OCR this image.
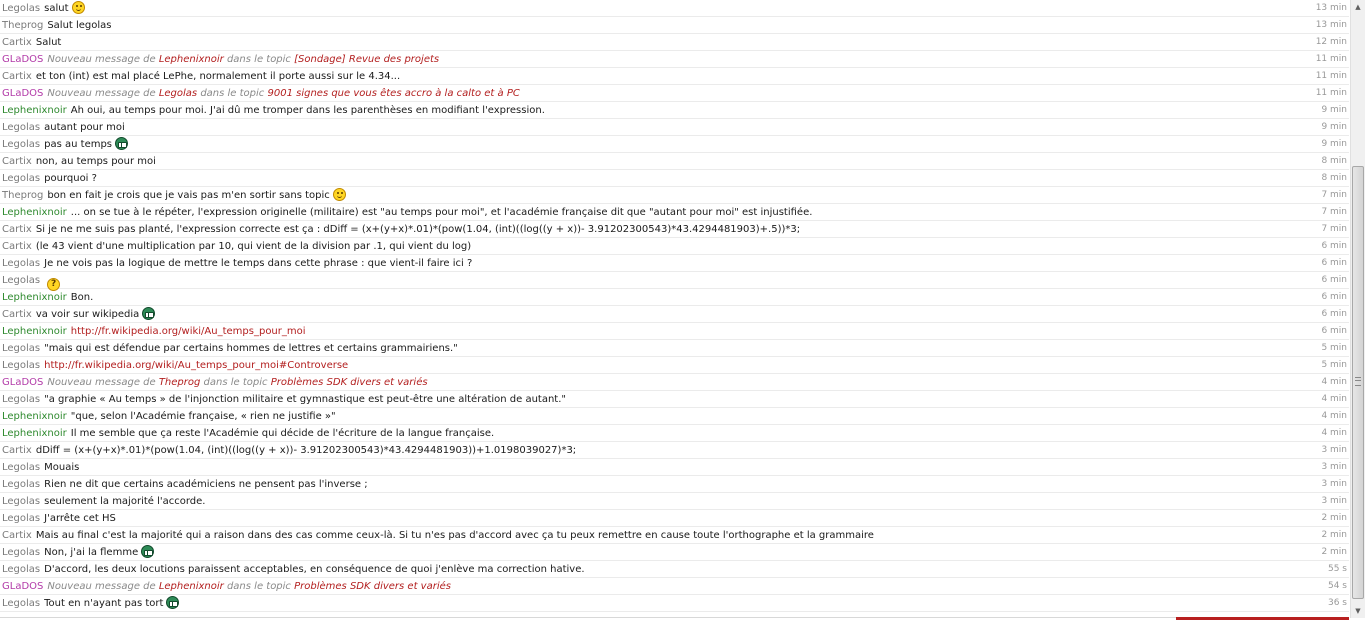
Legolas salut	13 min
Theprog Salut legolas	13 min
Cartix Salut	12 min
GLaDOS Nouveau message de Lephenixnoir dans le topic [Sondage] Revue des projets	11 min
Cartix et ton (int) est mal placé LePhe, normalement il porte aussi sur le 4.34...	11 min
GLaDOS Nouveau message de Legolas dans le topic 9001 signes que vous êtes accro à la calto et à PC	11 min
Lephenixnoir Ah oui, au temps pour moi. J'ai dû me tromper dans les parenthèses en modifiant l'expression.	9 min
Legolas autant pour moi	9 min
Legolas pas au temps	9 min
Cartix non, au temps pour moi	8 min
Legolas pourquoi ?	8 min
Theprog bon en fait je crois que je vais pas m'en sortir sans topic	7 min
Lephenixnoir ... on se tue à le répéter, l'expression originelle (militaire) est "au temps pour moi", et l'académie française dit que "autant pour moi" est injustifiée.	7 min
Cartix Si je ne me suis pas planté, l'expression correcte est ça : dDiff = (x+(y+x)*.01)*(pow(1.04, (int)((log((y + x))- 3.91202300543)*43.4294481903)+.5))*3;	7 min
Cartix (le 43 vient d'une multiplication par 10, qui vient de la division par .1, qui vient du log)	6 min
Legolas Je ne vois pas la logique de mettre le temps dans cette phrase : que vient-il faire ici ?	6 min
Legolas ?	6 min
Lephenixnoir Bon.	6 min
Cartix va voir sur wikipedia	6 min
Lephenixnoir http://fr.wikipedia.org/wiki/Au_temps_pour_moi	6 min
Legolas "mais qui est défendue par certains hommes de lettres et certains grammairiens."	5 min
Legolas http://fr.wikipedia.org/wiki/Au_temps_pour_moi#Controverse	5 min
GLaDOS Nouveau message de Theprog dans le topic Problèmes SDK divers et variés	4 min
Legolas "a graphie « Au temps » de l'injonction militaire et gymnastique est peut-être une altération de autant."	4 min
Lephenixnoir "que, selon l'Académie française, « rien ne justifie »"	4 min
Lephenixnoir Il me semble que ça reste l'Académie qui décide de l'écriture de la langue française.	4 min
Cartix dDiff = (x+(y+x)*.01)*(pow(1.04, (int)((log((y + x))- 3.91202300543)*43.4294481903))+1.0198039027)*3;	3 min
Legolas Mouais	3 min
Legolas Rien ne dit que certains académiciens ne pensent pas l'inverse ;	3 min
Legolas seulement la majorité l'accorde.	3 min
Legolas J'arrête cet HS	2 min
Cartix Mais au final c'est la majorité qui a raison dans des cas comme ceux-là. Si tu n'es pas d'accord avec ça tu peux remettre en cause toute l'orthographe et la grammaire	2 min
Legolas Non, j'ai la flemme	2 min
Legolas D'accord, les deux locutions paraissent acceptables, en conséquence de quoi j'enlève ma correction hative.	55 s
GLaDOS Nouveau message de Lephenixnoir dans le topic Problèmes SDK divers et variés	54 s
Legolas Tout en n'ayant pas tort	36 s
▲
▼
